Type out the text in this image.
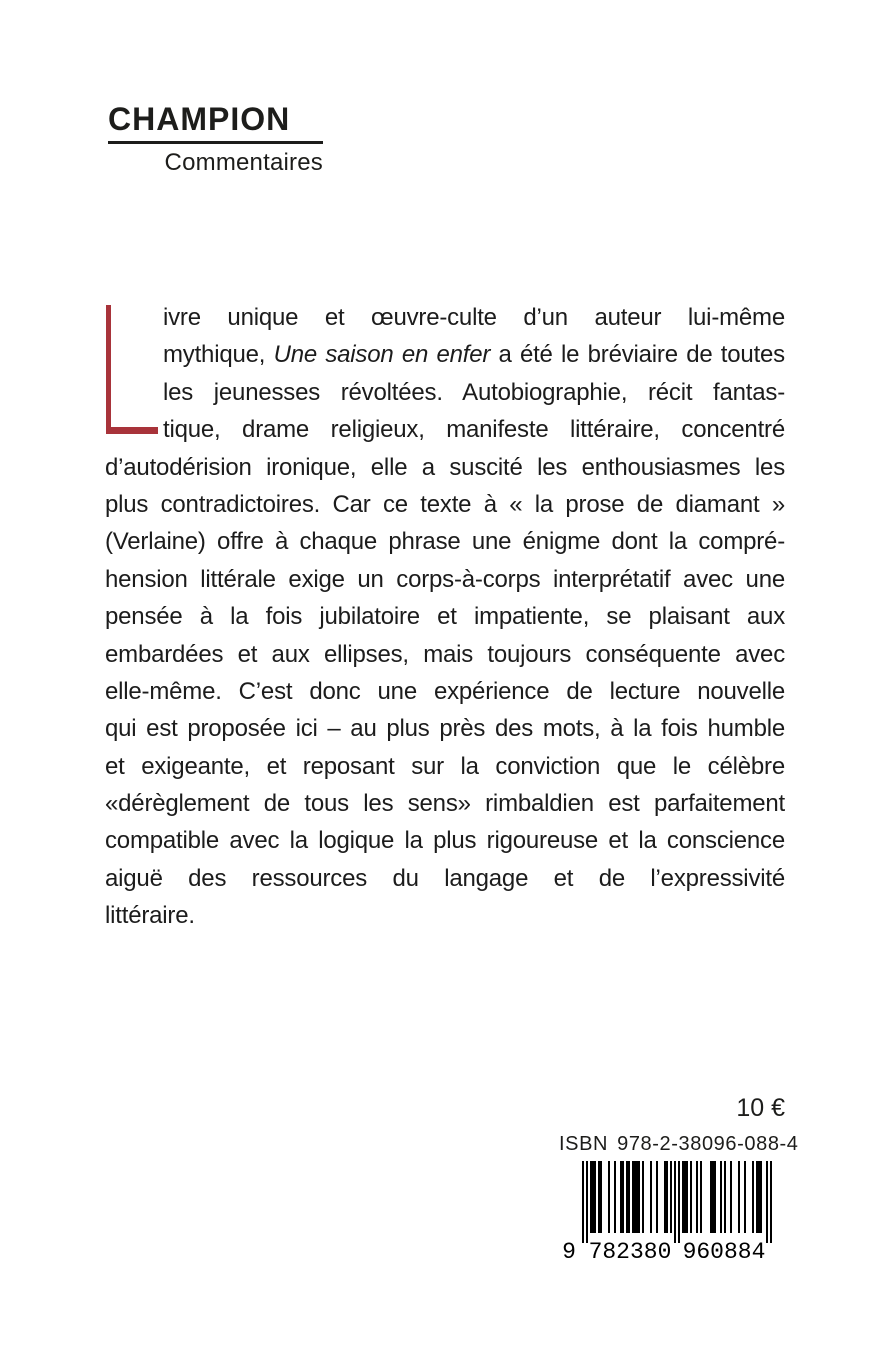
CHAMPION
Commentaires
ivre unique et œuvre-culte d’un auteur lui-même
mythique, Une saison en enfer a été le bréviaire de toutes
les jeunesses révoltées. Autobiographie, récit fantas-
tique, drame religieux, manifeste littéraire, concentré
d’autodérision ironique, elle a suscité les enthousiasmes les
plus contradictoires. Car ce texte à « la prose de diamant »
(Verlaine) offre à chaque phrase une énigme dont la compré-
hension littérale exige un corps-à-corps interprétatif avec une
pensée à la fois jubilatoire et impatiente, se plaisant aux
embardées et aux ellipses, mais toujours conséquente avec
elle-même. C’est donc une expérience de lecture nouvelle
qui est proposée ici – au plus près des mots, à la fois humble
et exigeante, et reposant sur la conviction que le célèbre
«dérèglement de tous les sens» rimbaldien est parfaitement
compatible avec la logique la plus rigoureuse et la conscience
aiguë des ressources du langage et de l’expressivité
littéraire.
10 €
ISBN 978-2-38096-088-4
9 782380 960884
